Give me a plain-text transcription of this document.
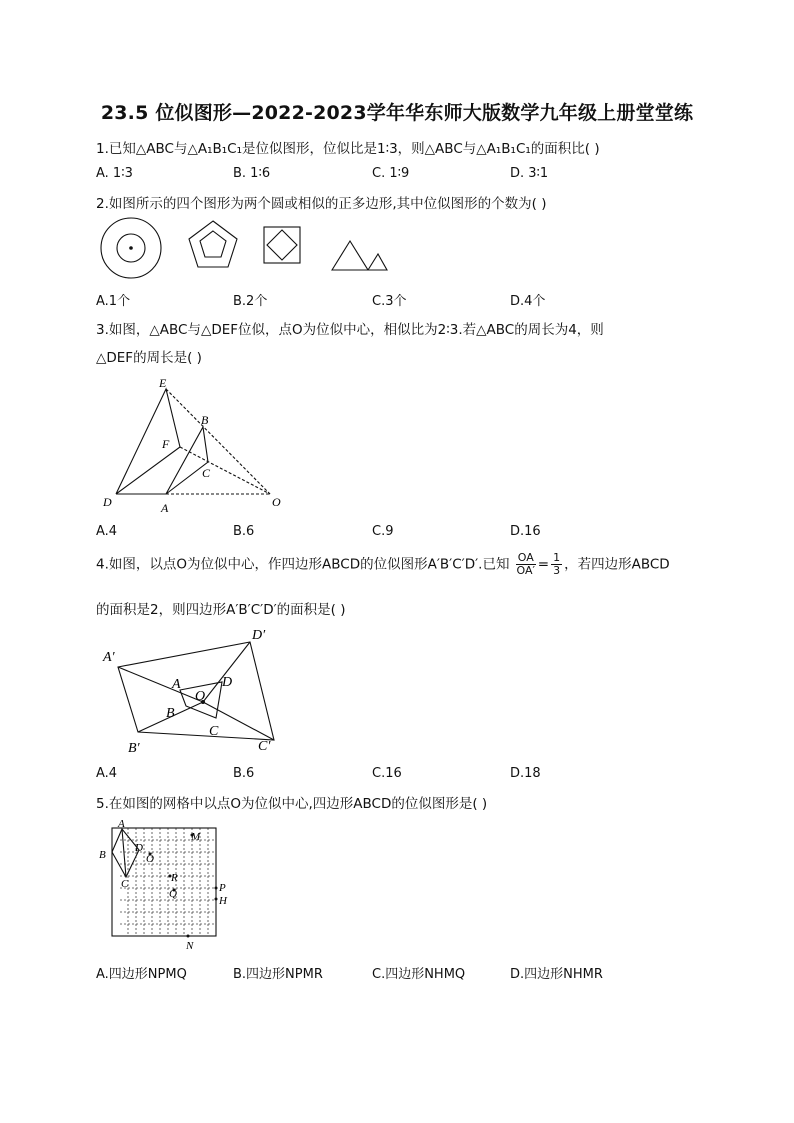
23.5 位似图形—2022-2023学年华东师大版数学九年级上册堂堂练
1.已知△ABC与△A₁B₁C₁是位似图形，位似比是1∶3，则△ABC与△A₁B₁C₁的面积比( )
A. 1∶3	B. 1∶6	C. 1∶9	D. 3∶1
2.如图所示的四个图形为两个圆或相似的正多边形,其中位似图形的个数为( )
A.1个	B.2个	C.3个	D.4个
3.如图，△ABC与△DEF位似，点O为位似中心，相似比为2∶3.若△ABC的周长为4，则
△DEF的周长是( )
E
B
F
C
D	A	O
A.4	B.6	C.9	D.16
4.如图，以点O为位似中心，作四边形ABCD的位似图形A′B′C′D′.已知 $\frac{OA}{OA'} = \frac{1}{3}$ ，若四边形ABCD
的面积是2，则四边形A′B′C′D′的面积是( )
A′
D′
A
O
D
B
C
B′	C′
A.4	B.6	C.16	D.18
5.在如图的网格中以点O为位似中心,四边形ABCD的位似图形是( )
A
M
B
D
O
R
C
Q	P
H
N
A.四边形NPMQ	B.四边形NPMR	C.四边形NHMQ	D.四边形NHMR
